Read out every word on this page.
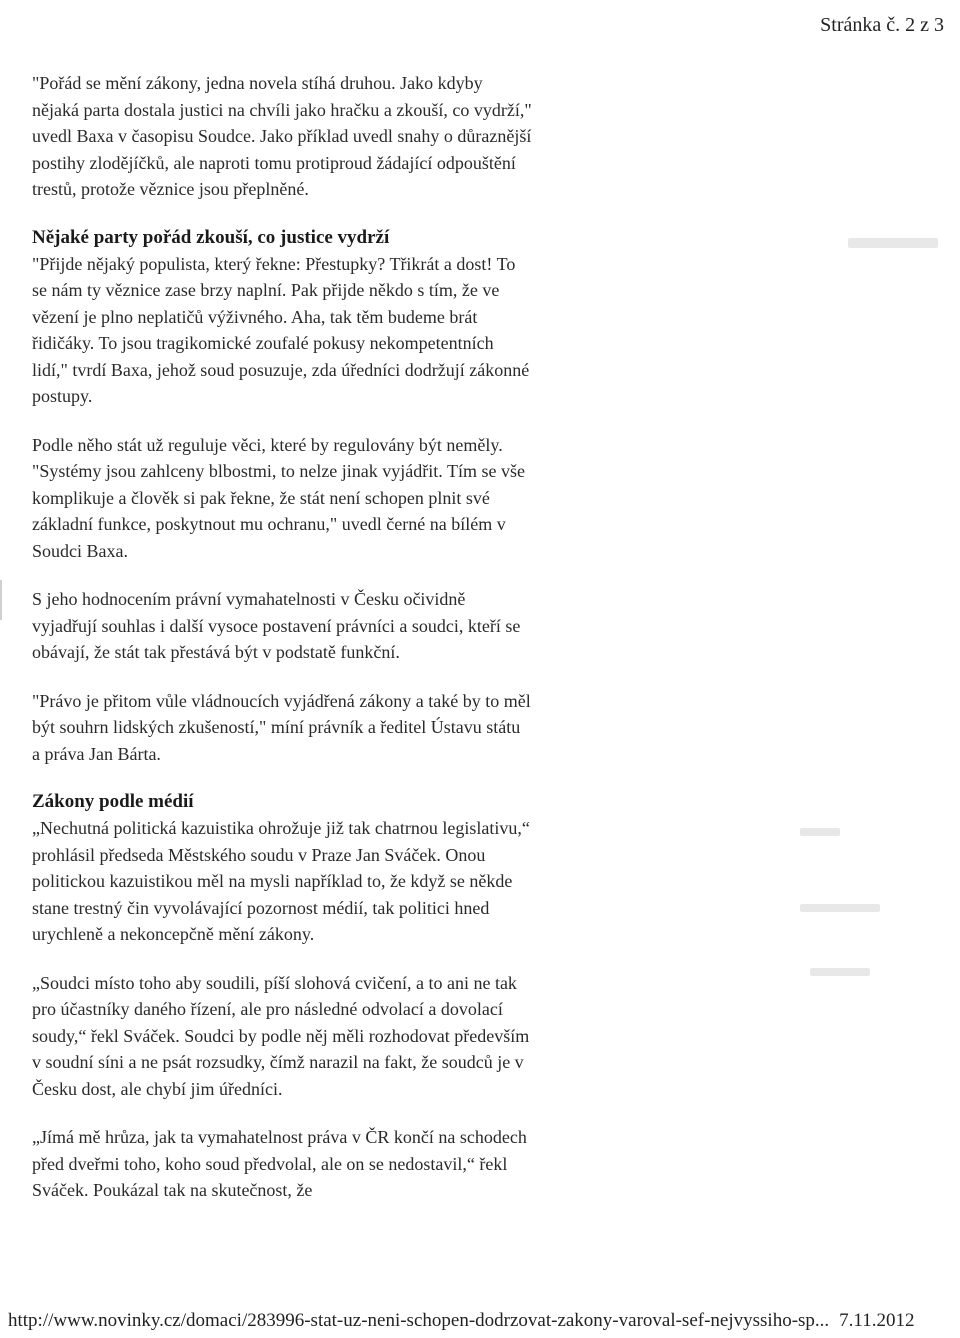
Stránka č. 2 z 3

"Pořád se mění zákony, jedna novela stíhá druhou. Jako kdyby nějaká parta dostala justici na chvíli jako hračku a zkouší, co vydrží," uvedl Baxa v časopisu Soudce. Jako příklad uvedl snahy o důraznější postihy zlodějíčků, ale naproti tomu protiproud žádající odpouštění trestů, protože věznice jsou přeplněné.

Nějaké party pořád zkouší, co justice vydrží

"Přijde nějaký populista, který řekne: Přestupky? Třikrát a dost! To se nám ty věznice zase brzy naplní. Pak přijde někdo s tím, že ve vězení je plno neplatičů výživného. Aha, tak těm budeme brát řidičáky. To jsou tragikomické zoufalé pokusy nekompetentních lidí," tvrdí Baxa, jehož soud posuzuje, zda úředníci dodržují zákonné postupy.

Podle něho stát už reguluje věci, které by regulovány být neměly. "Systémy jsou zahlceny blbostmi, to nelze jinak vyjádřit. Tím se vše komplikuje a člověk si pak řekne, že stát není schopen plnit své základní funkce, poskytnout mu ochranu," uvedl černé na bílém v Soudci Baxa.

S jeho hodnocením právní vymahatelnosti v Česku očividně vyjadřují souhlas i další vysoce postavení právníci a soudci, kteří se obávají, že stát tak přestává být v podstatě funkční.

"Právo je přitom vůle vládnoucích vyjádřená zákony a také by to měl být souhrn lidských zkušeností," míní právník a ředitel Ústavu státu a práva Jan Bárta.

Zákony podle médií

„Nechutná politická kazuistika ohrožuje již tak chatrnou legislativu,“ prohlásil předseda Městského soudu v Praze Jan Sváček. Onou politickou kazuistikou měl na mysli například to, že když se někde stane trestný čin vyvolávající pozornost médií, tak politici hned urychleně a nekoncepčně mění zákony.

„Soudci místo toho aby soudili, píší slohová cvičení, a to ani ne tak pro účastníky daného řízení, ale pro následné odvolací a dovolací soudy,“ řekl Sváček. Soudci by podle něj měli rozhodovat především v soudní síni a ne psát rozsudky, čímž narazil na fakt, že soudců je v Česku dost, ale chybí jim úředníci.

„Jímá mě hrůza, jak ta vymahatelnost práva v ČR končí na schodech před dveřmi toho, koho soud předvolal, ale on se nedostavil,“ řekl Sváček. Poukázal tak na skutečnost, že

http://www.novinky.cz/domaci/283996-stat-uz-neni-schopen-dodrzovat-zakony-varoval-sef-nejvyssiho-sp... 7.11.2012
